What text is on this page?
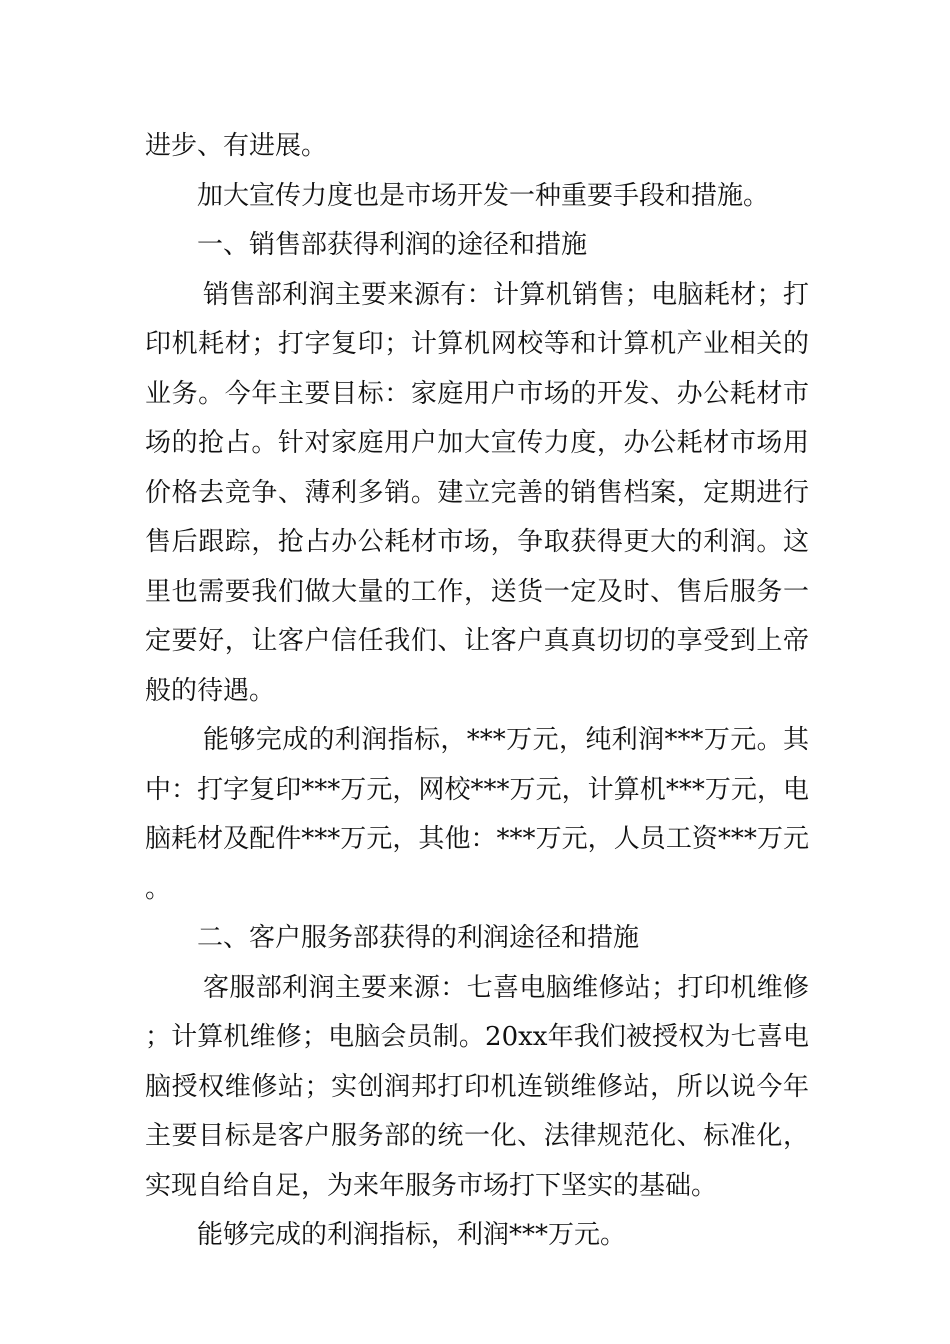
进步、有进展。

加大宣传力度也是市场开发一种重要手段和措施。

一、销售部获得利润的途径和措施

销售部利润主要来源有：计算机销售；电脑耗材；打印机耗材；打字复印；计算机网校等和计算机产业相关的业务。今年主要目标：家庭用户市场的开发、办公耗材市场的抢占。针对家庭用户加大宣传力度，办公耗材市场用价格去竞争、薄利多销。建立完善的销售档案，定期进行售后跟踪，抢占办公耗材市场，争取获得更大的利润。这里也需要我们做大量的工作，送货一定及时、售后服务一定要好，让客户信任我们、让客户真真切切的享受到上帝般的待遇。

能够完成的利润指标，***万元，纯利润***万元。其中：打字复印***万元，网校***万元，计算机***万元，电脑耗材及配件***万元，其他：***万元，人员工资***万元。

二、客户服务部获得的利润途径和措施

客服部利润主要来源：七喜电脑维修站；打印机维修；计算机维修；电脑会员制。20xx年我们被授权为七喜电脑授权维修站；实创润邦打印机连锁维修站，所以说今年主要目标是客户服务部的统一化、法律规范化、标准化，实现自给自足，为来年服务市场打下坚实的基础。

能够完成的利润指标，利润***万元。
